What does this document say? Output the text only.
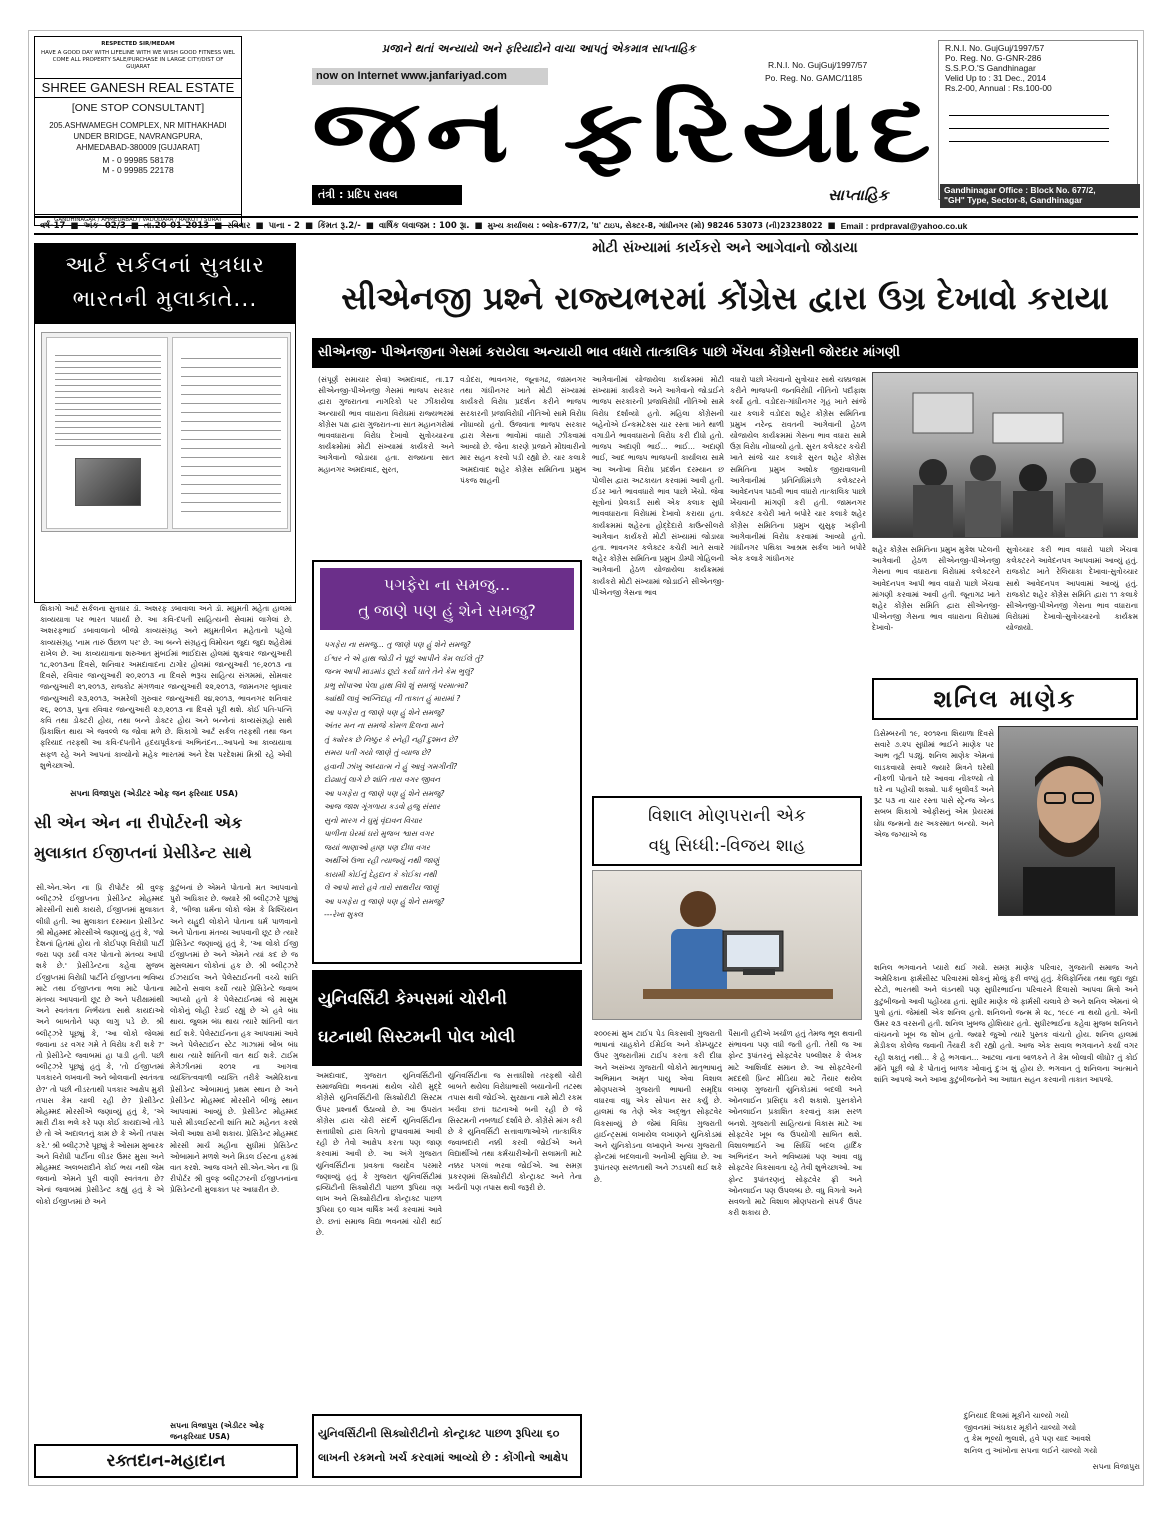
RESPECTED SIR/MEDAM
HAVE A GOOD DAY WITH LIFELINE WITH WE WISH GOOD FITNESS WEL COME ALL PROPERTY SALE/PURCHASE IN LARGE CITY/DIST OF GUJARAT
SHREE GANESH REAL ESTATE
[ONE STOP CONSULTANT]
205.ASHWAMEGH COMPLEX, NR MITHAKHADI UNDER BRIDGE, NAVRANGPURA, AHMEDABAD-380009 [GUJARAT]
M - 0 99985 58178
M - 0 99985 22178
GANDHINAGAR / AHMEDABAD / VADODARA / RAJKOT / SURAT
પ્રજાને થતાં અન્યાયો અને ફરિયાદોને વાચા આપતું એકમાત્ર સાપ્તાહિક
now on Internet www.janfariyad.com
R.N.I. No. GujGuj/1997/57
Po. Reg. No. GAMC/1185
જન ફરિયાદ
તંત્રી : પ્રદિપ રાવલ	સાપ્તાહિક
R.N.I. No. GujGuj/1997/57
Po. Reg. No. G-GNR-286
S.S.P.O.'S Gandhinagar
Velid Up to : 31 Dec., 2014
Rs.2-00, Annual : Rs.100-00
Gandhinagar Office : Block No. 677/2,
"GH" Type, Sector-8, Gandhinagar
વર્ષ-17 ■ અંક- 02/3 ■ તા.20-01-2013 ■ રવિવાર ■ પાના - 2 ■ કિંમત રૂ.2/- ■ વાર્ષિક લવાજમ : 100 રૂા. ■ મુખ્ય કાર્યાલય : બ્લોક-677/2, 'ઘ' ટાઇપ, સેક્ટર-8, ગાંધીનગર (મો) 98246 53073 (ની)23238022 ■ Email : prdpraval@yahoo.co.uk
આર્ટ સર્કલનાં સુત્રધાર
ભારતની મુલાકાતે...
શિકાગો આર્ટ સર્કલના સુત્રધાર ડૉ. અશરફ ડબાવાલા અને ડૉ. મધુમતી મહેતા હાલમાં કાવ્યયાત્રા પર ભારત પધાર્યા છે. આ કવિ-દંપતી સાહિત્યની સેવામાં લાગેલાં છે. અશરફભાઈ ડબાવાલાનો બીજો કાવ્યસંગ્રહ અને મધુમતીબેન મહેતાનો પહેલો કાવ્યસંગ્રહ 'નામ તારું ઉછાળ પર' છે. આ બન્ને સંગ્રહનું વિમોચન જુદા જુદા શહેરોમાં રાખેલ છે. આ કાવ્યયાત્રાના શરુઆત મુંબઈમાં ભાઈદાસ હોલમાં શુક્રવાર જાન્યુઆરી ૧૮,૨૦૧૩ના દિવસે, શનિવાર અમદાવાદના ટાગોર હોલમાં જાન્યુઆરી ૧૯,૨૦૧૩ ના દિવસે, રવિવાર જાન્યુઆરી ૨૦,૨૦૧૩ ના દિવસે ભરૂચ સાહિત્ય સંગમમાં, સોમવાર જાન્યુઆરી ૨૧,૨૦૧૩, રાજકોટ મંગળવાર જાન્યુઆરી ૨૨,૨૦૧૩, જામનગર બુધવાર જાન્યુઆરી ૨૩,૨૦૧૩, અમરેલી ગુરુવાર જાન્યુઆરી ૨૪,૨૦૧૩, ભાવનગર શનિવાર ૨૬, ૨૦૧૩, પુના રવિવાર જાન્યુઆરી ૨૭,૨૦૧૩ ના દિવસે પૂરી થશે. કોઈ પતિ-પત્નિ કવિ તથા ડોક્ટરી હોય, તથા બન્ને ડોક્ટર હોય અને બન્નેનાં કાવ્યસંગ્રહો સાથે પ્રિકાશિત થાય એ જવલ્લે જ જોવા મળે છે. શિકાગો આર્ટ સર્કલ તરફથી તથા જન ફરિયાદ તરફથી આ કવિ-દંપતીને હૃદયપૂર્વકનાં અભિનંદન...આપનો આ કાવ્યયાત્રા સફળ રહે અને આપનાં કાવ્યોનો મહેક ભારતમાં અને દેશ પરદેશમાં મિશ્રી રહે એવી શુભેચ્છાઓ.
સપના વિજાપુરા (એડીટર ઓફ જન ફરિયાદ USA)
સી એન એન ના રીપોર્ટરની એક
મુલાકાત ઈજીપ્તનાં પ્રેસીડેન્ટ સાથે
સી.એન.એન ના પ્રિ રીપોર્ટર શ્રી વુલ્ફ બ્લીટ્ઝરે ઈજીપ્તના પ્રેસીડેન્ટ મોહમ્મદ મોરસીની સાથે કાયરો, ઈજીપ્તમાં મુલાકાત લીધી હતી. આ મુલાકાત દરમ્યાન પ્રેસીડેન્ટ શ્રી મોહમ્મદ મોરસીએ જણાવ્યું હતું કે, 'જો દેશનાં હિતમાં હોય તો કોઈપણ વિરોધી પાર્ટી જરા પણ ડર્યા વગર પોતાનો મંતવ્ય આપી શકે છે.' પ્રેસીડેન્ટના કહેવા મુજબ ઈજીપ્તમાં વિરોધી પાર્ટીને ઈજીપ્તના ભવિષ્ય માટે તથા ઈજીપ્તના ભલા માટે પોતાના મંતવ્ય આપવાની છૂટ છે અને પરીક્ષામાંથી અને સ્વતંત્રતા નિર્ભયતા સાથે કાયદાઓ અને બાબતોને પણ લાગુ પડે છે. શ્રી બ્લીટ્ઝરે પૂછ્યું કે, 'આ લોકો જેલમાં જવાના ડર વગર ગમે તે વિરોધ કરી શકે ?' તો પ્રેસીડેન્ટે જવાબમાં હા પાડી હતી. પછી બ્લીટ્ઝરે પૂછ્યું હતું કે, 'તો ઈજીપ્તમાં પત્રકારને લખવાની અને બોલવાની સ્વતંત્રતા છે?' તો પછી નીડરતાથી પત્રકાર આક્ષેપ મુકી તપાસ કેમ ચાલી રહી છે? પ્રેસીડેન્ટ મોહમ્મદ મોરસીએ જણાવ્યું હતું કે, 'એ મારી ટીકા ભલે કરે પણ કોઈ કાયદાઓ તોડે છે તો એ અદાલતનું કામ છે કે એની તપાસ કરે.' શ્રી બ્લીટ્ઝરે પૂછ્યું કે ઓસામ મુબારક અને વિરોધી પાર્ટીના લીડર ઉમર મુસા અને મોહમ્મદ અલબરાદીને કોઈ ભય નથી જેમ જવાનો એમને પુરી વાણી સ્વતંત્રતા છે? એનાં જવાબમાં પ્રેસીડેન્ટ કહ્યું હતું કે એ લોકો ઈજીપ્તમાં છે અને
કુટુંબનાં છે એમને પોતાનો મત આપવાનો પુરો અધિકાર છે. જ્યારે શ્રી બ્લીટ્ઝરે પૂછ્યું કે, 'બીજા ધર્મના લોકો જેમ કે ક્રિશ્ચિયન અને યહુદી લોકોને પોતાના ધર્મ પાળવાનો અને પોતાના મંતવ્ય આપવાની છૂટ છે ત્યારે પ્રેસિડેન્ટ જણાવ્યું હતું કે, 'આ લોકો ઈજી ઈજીપ્તમાં છે અને એમને ત્યાં કદ છે જ મુસલમાન લોકોનાં હક છે. શ્રી બ્લીટ્ઝરે ઈઝરાઈલ અને પેલેસ્ટાઈનની વચ્ચે શાંતિ માટેનો સવાલ કર્યો ત્યારે પ્રેસિડેન્ટે જવાબ આપ્યો હતો કે પેલેસ્ટાઈનમાં જે માસુમ લોકોનું લોહી રેડાઈ રહ્યું છે એ હવે બંધ થાય. જુલમ બંધ થાય ત્યારે શાંતિની વાત થઈ શકે. પેલેસ્ટાઈનના હક આપવામાં આવે અને પેલેસ્ટાઈન સ્ટેટ ગાઝામાં બોંબ બંધ થાય ત્યારે શાંતિની વાત થઈ શકે. ટાઈમ મેગેઝીનમાં ૨૦૧૨ ના આગવા વ્યક્તિત્વવાળી વ્યક્તિ તરીકે અમેરિકાના પ્રેસીડેન્ટ ઓબામાનું પ્રથમ સ્થાન છે અને પ્રેસીડેન્ટ મોહમ્મદ મોરસીને બીજું સ્થાન આપવામાં આવ્યું છે. પ્રેસીડેન્ટ મોહમ્મદ પાસે મીડલઈસ્ટની શાંતિ માટે મહેનત કરશે એવી આશા રાખી શકાય. પ્રેસિડેન્ટ મોહમ્મદ મોરસી માર્ચ મહીના સુધીમાં પ્રેસિડેન્ટ ઓબામાને મળશે અને મિડલ ઈસ્ટના હકમાં વાત કરશે. આજ વખતે સી.એન.એન ના પ્રિ રીપોર્ટર શ્રી વુલ્ફ બ્લીટ્ઝરની ઈજીપ્તનાંના પ્રેસિડેન્ટની મુલાકાત પર આધારીત છે.
સપના વિજાપુરા (એડીટર ઓફ જનફરિયાદ USA)
રક્તદાન-મહાદાન
મોટી સંખ્યામાં કાર્યકરો અને આગેવાનો જોડાયા
સીએનજી પ્રશ્ને રાજ્યભરમાં કોંગ્રેસ દ્વારા ઉગ્ર દેખાવો કરાયા
સીએનજી- પીએનજીના ગેસમાં કરાયેલા અન્યાયી ભાવ વધારો તાત્કાલિક પાછો ખેંચવા કોંગ્રેસની જોરદાર માંગણી
(સંપૂર્ણ સમાચાર સેવા) અમદાવાદ, તા.17 સીએનજી-પીએનજી ગેસમાં ભાજપ સરકાર દ્વારા ગુજરાતના નાગરિકો પર ઝીંકાયેલા અન્યાયી ભાવ વધારાના વિરોધમાં રાજ્યભરમાં કોંગ્રેસ પક્ષ દ્વારા ગુજરાત-ના સાત મહાનગરોમાં ભાવવધારાના વિરોધ દેખાવો સુત્રોચ્ચારના કાર્યક્રમોમાં મોટી સંખ્યામાં કાર્યકરો અને આગેવાનો જોડાયા હતા. રાજ્યના સાત મહાનગર અમદાવાદ, સુરત,
વડોદરા, ભાવનગર, જૂનાગઢ, જામનગર તથા ગાંધીનગર ખાતે મોટી સંખ્યામાં કાર્યકરો વિરોધ પ્રદર્શન કરીને ભાજપ સરકારની પ્રજાવિરોધી નીતિઓ સામે વિરોધ નોંધાવ્યો હતો. ઉજવાતા ભાજપ સરકાર દ્વારા ગેસના ભાવોમાં વધારો ઝીંકવામાં આવ્યો છે. જેના કારણે પ્રજાને મોંઘવારીનો માર સહન કરવો પડી રહ્યો છે. ચાર કલાકે અમદાવાદ શહેર કોંગ્રેસ સમિતિના પ્રમુખ પંકજ શાહની
આગેવાનીમાં યોજાયેલા કાર્યક્રમમાં મોટી સંખ્યામાં કાર્યકરો અને આગેવાનો જોડાઈને ભાજપ સરકારની પ્રજાવિરોધી નીતિઓ સામે વિરોધ દર્શાવ્યો હતો. મહિલા કોંગ્રેસની બહેનોએ ઈન્કમટેક્સ ચાર રસ્તા ખાતે થાળી વગાડીને ભાવવધારાનો વિરોધ કરી દીધો હતો. ભાજપ અદાણી ભાઈ... ભાઈ... અદાણી ભાઈ, આદ ભાજપ ભાજપની કાર્યાલય સામે આ અનોખા વિરોધ પ્રદર્શન દરમ્યાન છ પોલીસ દ્વારા અટકાયત કરવામાં આવી હતી. ઈડર ખાતે ભાવવધારો ભાવ પાછો ખેંચો. જેવા સૂત્રોનાં પ્રેલકાર્ડ સાથે એક કલાક સુધી ભાવવધારાના વિરોધમાં દેખાવો કરાયા હતા. કાર્યક્રમમાં શહેરના હોદ્દેદારો કાઉન્સીલરો આગેવાન કાર્યકરો મોટી સંખ્યામાં જોડાયા હતા. ભાવનગર કલેક્ટર કચેરી ખાતે સવારે શહેર કોંગ્રેસ સમિતિના પ્રમુખ ડીમ્પી ગોહિલની આગેવાની હેઠળ યોજાયેલા કાર્યક્રમમાં કાર્યકરો મોટી સંખ્યામાં જોડાઈને સીએનજી-પીએનજી ગેસના ભાવ
વધારો પાછો ખેંચવાનો સુત્રોચાર સાથે ચક્કાજામ કરીને ભાજપની જનવિરોધી નીતિનો પર્દાફાશ કર્યો હતો. વડોદરા-ગાંધીનગર ગૃહ ખાતે સાંજે ચાર કલાકે વડોદરા શહેર કોંગ્રેસ સમિતિના પ્રમુખ નરેન્દ્ર રાવતની આગેવાની હેઠળ યોજાયેલ કાર્યક્રમમાં ગેસના ભાવ વધારા સામે ઉગ્ર વિરોધ નોંધાવ્યો હતો. સુરત કલેક્ટર કચેરી ખાતે સાંજે ચાર કલાકે સુરત શહેર કોંગ્રેસ સમિતિના પ્રમુખ અશોક જીરાવાલાની આગેવાનીમાં પ્રતિનિધિમંડળે કલેક્ટરને આવેદનપત્ર પાઠવી ભાવ વધારો તાત્કાલિક પાછો ખેંચવાની માંગણી કરી હતી. જામનગર કલેક્ટર કચેરી ખાતે બપોરે ચાર કલાકે શહેર કોંગ્રેસ સમિતિના પ્રમુખ યુસુફ ખફીની આગેવાનીમાં વિરોધ કરવામાં આવ્યો હતો. ગાંધીનગર પથિકા આશ્રમ સર્કલ ખાતે બપોરે એક કલાકે ગાંધીનગર
શહેર કોંગ્રેસ સમિતિના પ્રમુખ મુકેશ પટેલની આગેવાની હેઠળ સીએનજી-પીએનજી ગેસના ભાવ વધારાના વિરોધમાં કલેક્ટરને આવેદનપત્ર આપી ભાવ વધારો પાછો ખેંચવા માંગણી કરવામાં આવી હતી. જૂનાગઢ ખાતે શહેર કોંગ્રેસ સમિતિ દ્વારા સીએનજી-પીએનજી ગેસના ભાવ વધારાના વિરોધમાં દેખાવો-
સુત્રોચ્ચાર કરી ભાવ વધારો પાછો ખેંચવા કલેક્ટરને આવેદનપત્ર આપવામાં આવ્યું હતું. રાજકોટ ખાતે રેલિયાકા દેખાવા-સુત્રોચ્ચાર સાથે આવેદનપત્ર આપવામાં આવ્યું હતું. રાજકોટ શહેર કોંગ્રેસ સમિતિ દ્વારા ૧૧ કલાકે સીએનજી-પીએનજી ગેસના ભાવ વધારાના વિરોધમાં દેખાવો-સુત્રોચ્ચારનો કાર્યક્રમ યોજાયો.
પગફેરા ના સમજુ...
તુ જાણે પણ હું શેને સમજુ?
પગફેરા ના સમજુ... તુ જાણે પણ હું શેને સમજુ?
ઈશ્વર ને એ હાથ જોડી ને પૂછું આપીને કેમ લઈલે તું?
જન્મ આપી માડમાંડ છૂટો કર્યો ઘાતે તેને કેમ ભુલું?
પ્રભુ સોંપાઆ પેલા હાથ વિધે શું સમજું પરમાત્મા?
ક્યાંથી લાવું અગ્નિદાહ ની તાકાત હું મારામાં ?
આ પગફેરા તુ જાણે પણ હું શેને સમજુ?
અંતર મન ના સમજે કોમળ દિલના માને
તું ક્યોરક છે નિષ્ઠુર કે સ્નેહી નહીં દુશ્મન છે?
સમય પતી ગયો જાણે તું વ્યાજ છે?
હવાની ઝાંખુ અધ્યાત્મ ને હું આવું ગમગીની?
દોઢ્યાતું લાગે છે શાંતિ તારા વગર જીવન
આ પગફેરા તુ જાણે પણ હું શેને સમજુ?
આજ જાશ ગૂંગળાય કડવો હજુ સંસાર
સુનો મારગ ને ઘુમું વૃંદાવન વિચાર
પાળીના ઘેરમાં ઘરો મુજબ શ્વાસ વગર
જયાં ભાણાઓ હ્રાણ પણ દીધા વગર
અર્થીએ ઉભા રહી ત્યાજ્યું નથી જાણું
કાયમી કોઈનું દેહદાન કે કોઈકા નથી
લે આપો મારો હવે તારો સાથરીય જાણું
આ પગફેરા તુ જાણે પણ હું શેને સમજુ?
---રેખા શુક્લ
વિશાલ મોણપરાની એક
વધુ સિધ્ધી:-વિજય શાહ
શનિલ માણેક
ડિસેમ્બરની ૧૯, ૨૦૧૨ના શિયાળા દિવસે સવારે ૭.૨૫ સુધીમાં ભાઈને માણેક પર આભ તૂટી પડ્યું. શનિલ માણેક એમનાં લાડકવાયો સવારે જ્યારે મિત્રને ઘરેથી નીકળી પોતાને ઘરે આવવા નીકળ્યો તો ઘરે ના પહોંચી શક્યો. પાર્ક બુલીવર્ડ અને રૂટ ૫૩ ના ચાર રસ્તા પાસે સ્ટ્રેન્જ એન્ડ સબબ શિકાગો ઓફીસનું એમ પ્રેયરમાં ધોધ જન્મનો ક્ષર અકસ્માત બન્યો. અને એજ જગ્યાએ જ
શનિલ ભગવાનને પ્યારો થઈ ગયો. સમગ્ર માણેક પરિવાર, ગુજરાતી સમાજ અને અમેરિકાના ફાર્મસીસ્ટ પરિવારમાં શોકનું મોજું ફરી વળ્યું હતું. કેલિફોર્નિયા તથા જુદા જુદા સ્ટેટો, ભારતથી અને લંડનથી પણ સુધીરભાઈના પરિવારને દિલાસો આપવા મિત્રો અને કુટુંબીજનો આવી પહોંચ્યા હતાં. સુધીર માણેક જે ફાર્મસી ચલાવે છે અને શનિલ એમનાં બે પુત્રો હતાં. જેમાંથી એક શનિલ હતો. શનિલનો જન્મ મે ૨૮, ૧૯૮૯ ના થયો હતો. એની ઉમર ૨૩ વરસની હતી. શનિલ ખુબજ હોશિયાર હતો. સુધીરભાઈના કહેવા મુજબ શનિલને વાંચનનો ખૂબ જ શોખ હતો. જ્યારે જુઓ ત્યારે પુસ્તક વાંચતો હોય. શનિલ હાલમાં મેડીકલ કોલેજ જવાની તૈયારી કરી રહ્યો હતો. આજ એક સવાલ ભગવાનને કર્યા વગર રહી શકાતું નથી... કે હે ભગવાન... આટલા નાના બાળકને તેં કેમ બોલાવી લીધો? તું કોઈ માઁને પૂછી જો કે પોતાનું બાળક ખોવાનું દુઃખ શું હોય છે. ભગવાન તું શનિલના આત્માને શાંતિ આપજે અને આખા કુટુંબીજનોને આ આઘાત સહન કરવાની તાકાત આપજે.
દુનિયાદ દિલમાં મૂકીને ચાલ્યો ગયો
જીવનમાં અંધકાર મૂકીને ચાલ્યો ગયો
તુ કેમ ભૂલ્યો ભુલાશે, હવે પણ યાદ આવશે
શનિલ તુ આંખોના સપના લઈને ચાલ્યો ગયો
સપના વિજાપુરા
યુનિવર્સિટી કેમ્પસમાં ચોરીની
ઘટનાથી સિસ્ટમની પોલ ખોલી
અમદાવાદ, ગુજરાત યુનિવર્સિટીની સમાજવિદ્યા ભવનમાં થયેલ ચોરી મુદ્દે કોંગ્રેસે યુનિવર્સિટીની સિક્યોરીટી સિસ્ટમ ઉપર પ્રશ્નાર્થ ઉઠાવ્યો છે. આ ઉપરાંત કોંગ્રેસ દ્વારા ચોરી સંદર્ભે યુનિવર્સિટીના સત્તાધીશો દ્વારા વિગતો છુપાવવામાં આવી રહી છે તેવો આક્ષેપ કરતા પણ જાણ કરવામાં આવી છે. આ અંગે ગુજરાત યુનિવર્સિટીના પ્રવક્તા જયદેવ પરમારે જણાવ્યું હતું કે ગુજરાત યુનિવર્સિટીમાં દ્રવ્યિટીની સિક્યોરીટી પાછળ રૂપિયા ત્રણ લાખ અને સિક્યોરીટીના કોન્ટ્રાક્ટ પાછળ રૂપિયા ૬૦ લાખ વાર્ષિક ખર્ચ કરવામાં આવે છે. છતાં સમાજ વિદ્યા ભવનમાં ચોરી થઈ છે.
યુનિવર્સિટીના જ સત્તાધીશો તરફથી ચોરી બાબતે થયેલા વિરોધાભાસી બયાનોની તટસ્થ તપાસ થવી જોઈએ. સુરક્ષાના નામે મોટી રકમ ખર્ચવા છતાં ઘટનાઓ બની રહી છે જે સિસ્ટમની નબળાઈ દર્શાવે છે. કોંગ્રેસે માંગ કરી છે કે યુનિવર્સિટી સત્તાવાળાઓએ તાત્કાલિક જવાબદારી નક્કી કરવી જોઈએ અને વિદ્યાર્થીઓ તથા કર્મચારીઓની સલામતી માટે નક્કર પગલાં ભરવા જોઈએ. આ સમગ્ર પ્રકરણમાં સિક્યોરીટી કોન્ટ્રાક્ટ અને તેના ખર્ચની પણ તપાસ થવી જરૂરી છે.
યુનિવર્સિટીની સિક્યોરીટીનો કોન્ટ્રાક્ટ પાછળ રૂપિયા ૬૦
લાખની રકમનો ખર્ચ કરવામાં આવ્યો છે : કોંગીનો આક્ષેપ
૨૦૦૯માં મુખ ટાઈપ પેડ વિકસાવી ગુજરાતી ભાષાનાં ચાહકોને ઈમેઈલ અને કોમ્પ્યુટર ઉપર ગુજરાતીમાં ટાઈપ કરતા કરી દીધા અને અસંખ્ય ગુજરાતી લોકોને માતૃભાષાનું અભિમાન અમૃત પાયુ એવા વિશાલ મોણપરાએ ગુજરાતી ભાષાની સમૃદ્ધિ વધારવા વધુ એક સોપાન સર કર્યુ છે. હાલમાં જ તેણે એક અદ્ભુત સોફ્ટવેર વિકસાવ્યું છે જેમાં વિવિધ ગુજરાતી હાઈન્ટ્સમાં લખાયેલ લખાણને યુનિકોડમાં અને યુનિકોડના લખાણને અન્ય ગુજરાતી ફોન્ટમાં બદલવાની અનોખી સુવિધા છે. આ રૂપાંતરણ સરળતાથી અને ઝડપથી થઈ શકે છે.
પૈસાની હદીએ ખર્ચાળ હતું તેમજ ભૂલ થવાની સંભાવના પણ વધી જતી હતી. તેથી જ આ ફોન્ટ રૂપાંતરનું સોફ્ટવેર પબ્લીશર કે લેખક માટે આશિર્વાદ સમાન છે. આ સોફ્ટવેરની મદદથી પ્રિન્ટ મીડિયા માટે તૈયાર થયેલ લખાણ ગુજરાતી યુનિકોડમાં બદલી અને ઓનલાઈન પ્રસિદ્ધ કરી શકાશે. પુસ્તકોને ઓનલાઈન પ્રકાશિત કરવાનું કામ સરળ બનશે. ગુજરાતી સાહિત્યનાં વિકાસ માટે આ સોફ્ટવેર ખૂબ જ ઉપયોગી સાબિત થશે. વિશાલભાઈને આ સિધ્ધિ બદલ હાર્દિક અભિનંદન અને ભવિષ્યમાં પણ આવા વધુ સોફ્ટવેર વિકસાવતા રહે તેવી શુભેચ્છાઓ. આ ફોન્ટ રૂપાંતરણનું સોફ્ટવેર ફ્રી અને ઓનલાઈન પણ ઉપલબ્ધ છે. વધુ વિગતો અને સવલતો માટે વિશાલ મોણપરાનો સંપર્ક ઉપર કરી શકાય છે.
